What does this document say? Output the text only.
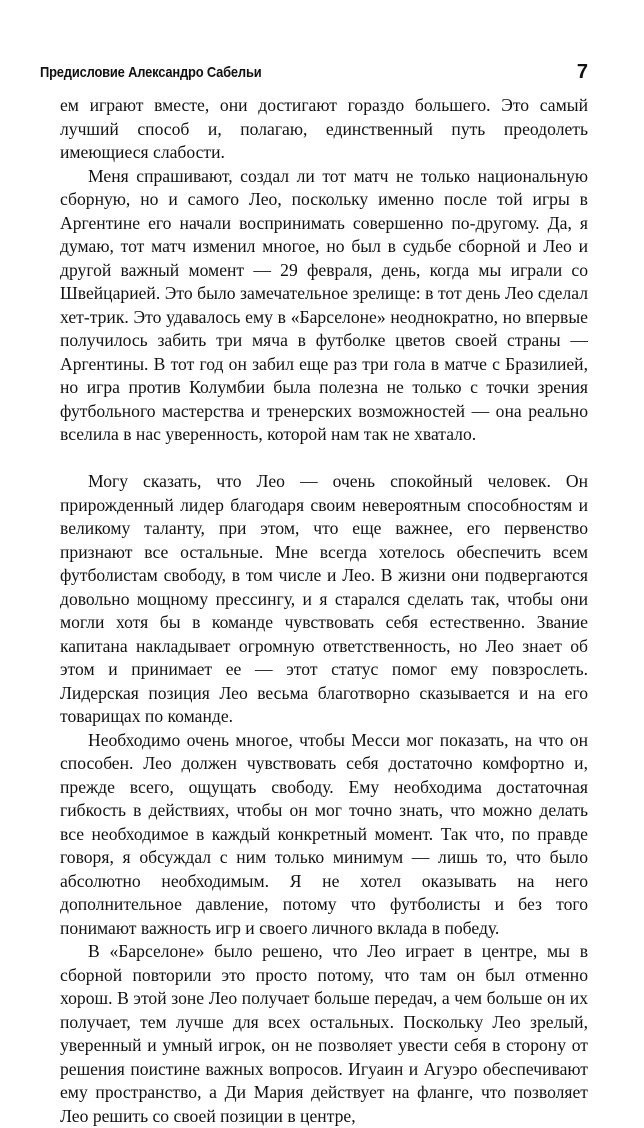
Предисловие Александро Сабельи	7

ем играют вместе, они достигают гораздо большего. Это самый лучший способ и, полагаю, единственный путь преодолеть имеющиеся слабости.

Меня спрашивают, создал ли тот матч не только национальную сборную, но и самого Лео, поскольку именно после той игры в Аргентине его начали воспринимать совершенно по-другому. Да, я думаю, тот матч изменил многое, но был в судьбе сборной и Лео и другой важный момент — 29 февраля, день, когда мы играли со Швейцарией. Это было замечательное зрелище: в тот день Лео сделал хет-трик. Это удавалось ему в «Барселоне» неоднократно, но впервые получилось забить три мяча в футболке цветов своей страны — Аргентины. В тот год он забил еще раз три гола в матче с Бразилией, но игра против Колумбии была полезна не только с точки зрения футбольного мастерства и тренерских возможностей — она реально вселила в нас уверенность, которой нам так не хватало.

Могу сказать, что Лео — очень спокойный человек. Он прирожденный лидер благодаря своим невероятным способностям и великому таланту, при этом, что еще важнее, его первенство признают все остальные. Мне всегда хотелось обеспечить всем футболистам свободу, в том числе и Лео. В жизни они подвергаются довольно мощному прессингу, и я старался сделать так, чтобы они могли хотя бы в команде чувствовать себя естественно. Звание капитана накладывает огромную ответственность, но Лео знает об этом и принимает ее — этот статус помог ему повзрослеть. Лидерская позиция Лео весьма благотворно сказывается и на его товарищах по команде.

Необходимо очень многое, чтобы Месси мог показать, на что он способен. Лео должен чувствовать себя достаточно комфортно и, прежде всего, ощущать свободу. Ему необходима достаточная гибкость в действиях, чтобы он мог точно знать, что можно делать все необходимое в каждый конкретный момент. Так что, по правде говоря, я обсуждал с ним только минимум — лишь то, что было абсолютно необходимым. Я не хотел оказывать на него дополнительное давление, потому что футболисты и без того понимают важность игр и своего личного вклада в победу.

В «Барселоне» было решено, что Лео играет в центре, мы в сборной повторили это просто потому, что там он был отменно хорош. В этой зоне Лео получает больше передач, а чем больше он их получает, тем лучше для всех остальных. Поскольку Лео зрелый, уверенный и умный игрок, он не позволяет увести себя в сторону от решения поистине важных вопросов. Игуаин и Агуэро обеспечивают ему пространство, а Ди Мария действует на фланге, что позволяет Лео решить со своей позиции в центре,
